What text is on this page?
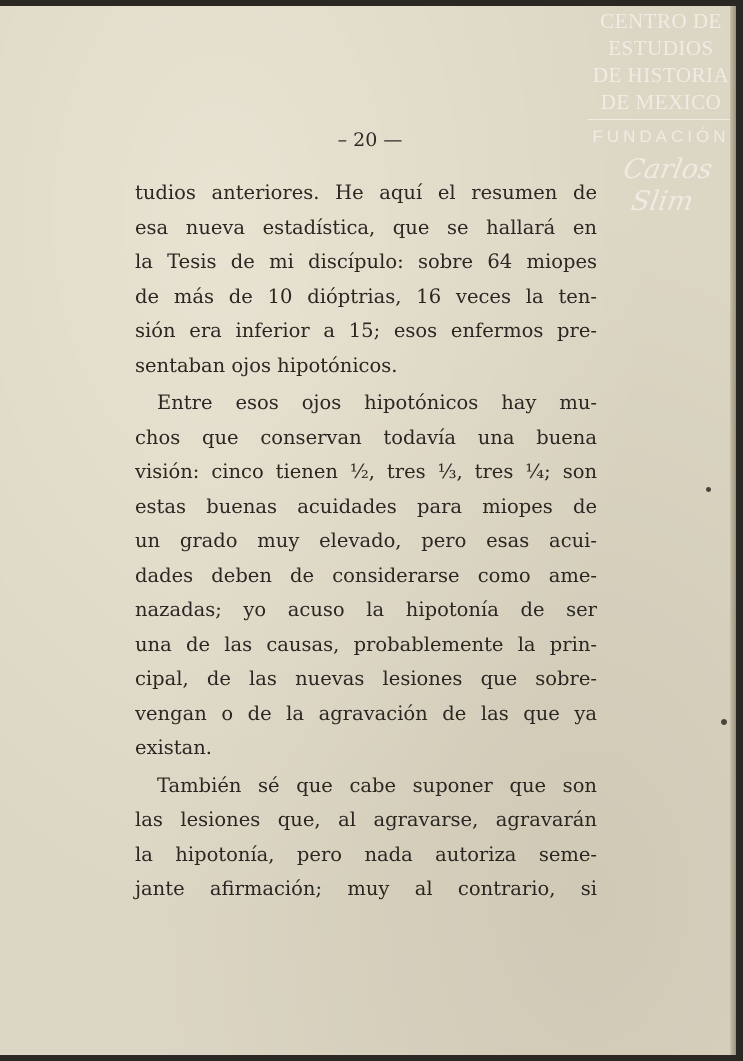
CENTRO DE
ESTUDIOS
DE HISTORIA
DE MEXICO
FUNDACIÓN
Carlos Slim
– 20 —

tudios anteriores. He aquí el resumen de
esa nueva estadística, que se hallará en
la Tesis de mi discípulo: sobre 64 miopes
de más de 10 dióptrias, 16 veces la ten-
sión era inferior a 15; esos enfermos pre-
sentaban ojos hipotónicos.

Entre esos ojos hipotónicos hay mu-
chos que conservan todavía una buena
visión: cinco tienen ½, tres ⅓, tres ¼; son
estas buenas acuidades para miopes de
un grado muy elevado, pero esas acui-
dades deben de considerarse como ame-
nazadas; yo acuso la hipotonía de ser
una de las causas, probablemente la prin-
cipal, de las nuevas lesiones que sobre-
vengan o de la agravación de las que ya
existan.

También sé que cabe suponer que son
las lesiones que, al agravarse, agravarán
la hipotonía, pero nada autoriza seme-
jante afirmación; muy al contrario, si
